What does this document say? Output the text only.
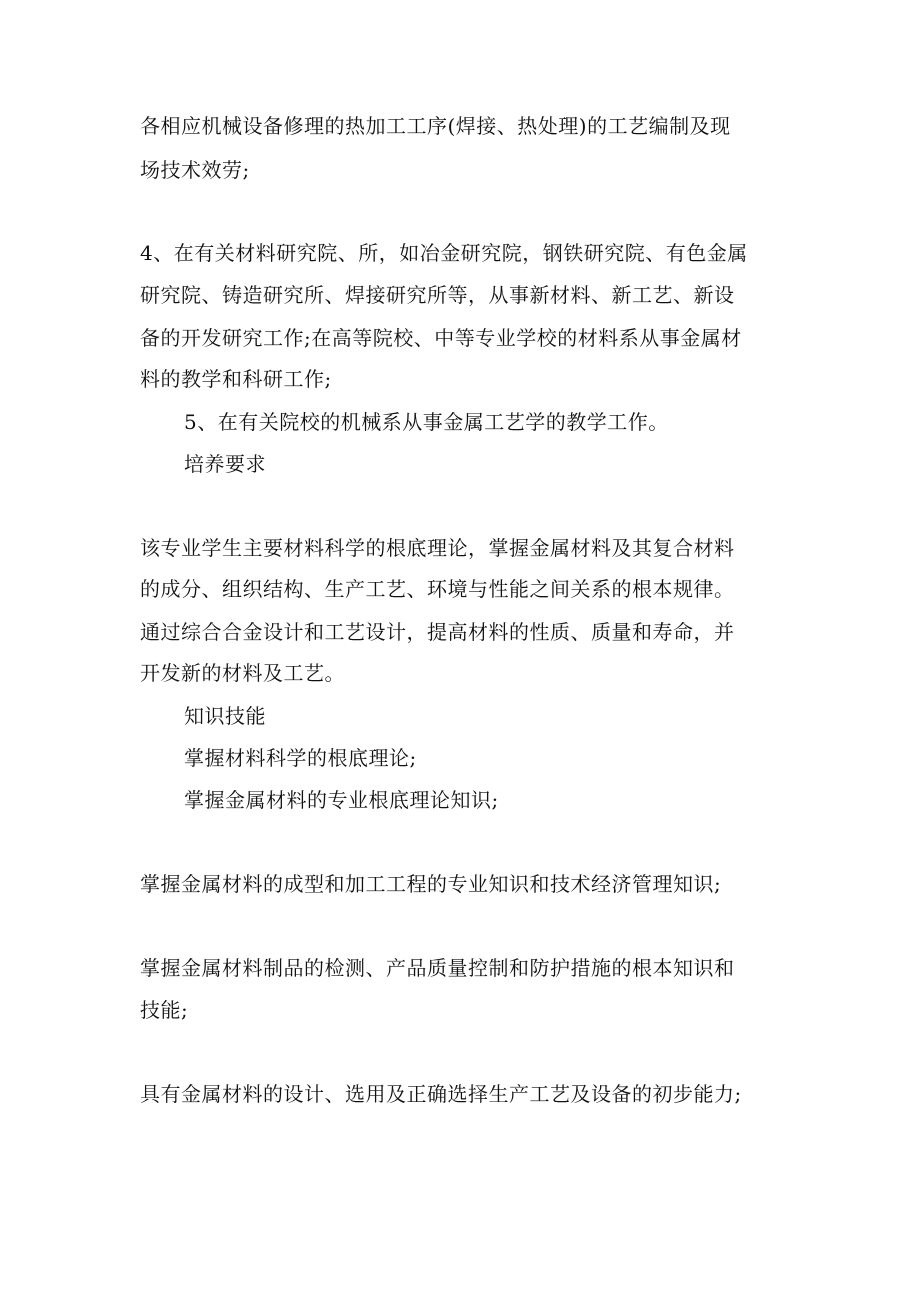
各相应机械设备修理的热加工工序(焊接、热处理)的工艺编制及现
场技术效劳;
4、在有关材料研究院、所，如冶金研究院，钢铁研究院、有色金属
研究院、铸造研究所、焊接研究所等，从事新材料、新工艺、新设
备的开发研究工作;在高等院校、中等专业学校的材料系从事金属材
料的教学和科研工作;
5、在有关院校的机械系从事金属工艺学的教学工作。
培养要求
该专业学生主要材料科学的根底理论，掌握金属材料及其复合材料
的成分、组织结构、生产工艺、环境与性能之间关系的根本规律。
通过综合合金设计和工艺设计，提高材料的性质、质量和寿命，并
开发新的材料及工艺。
知识技能
掌握材料科学的根底理论;
掌握金属材料的专业根底理论知识;
掌握金属材料的成型和加工工程的专业知识和技术经济管理知识;
掌握金属材料制品的检测、产品质量控制和防护措施的根本知识和
技能;
具有金属材料的设计、选用及正确选择生产工艺及设备的初步能力;
